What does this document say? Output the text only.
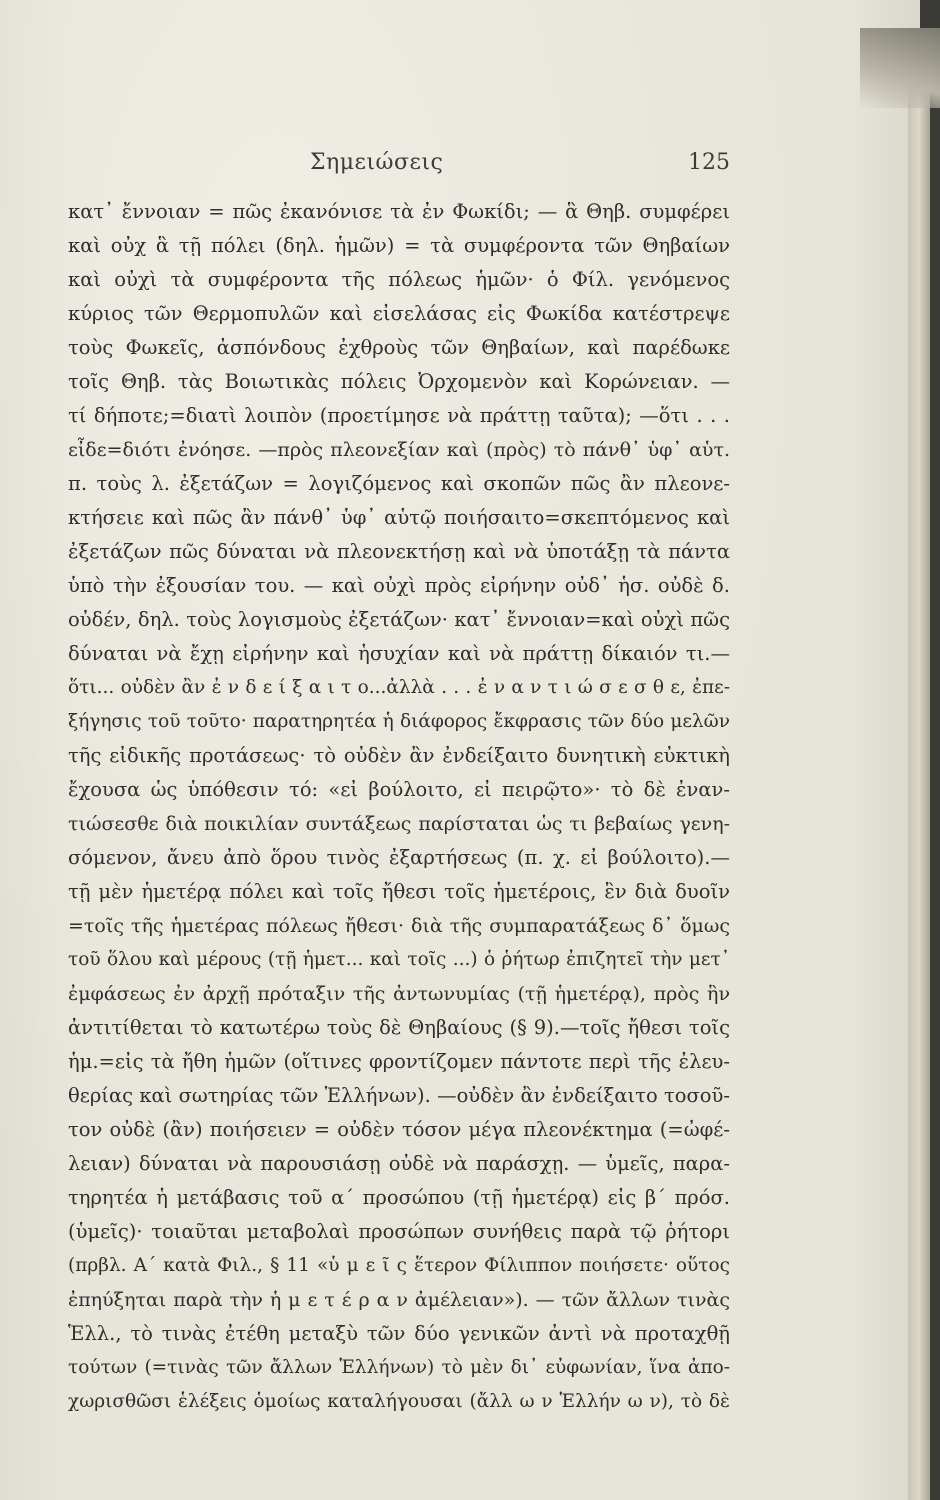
Σημειώσεις	125
κατ᾿ ἔννοιαν = πῶς ἐκανόνισε τὰ ἐν Φωκίδι; — ἃ Θηβ. συμφέρει
καὶ οὐχ ἃ τῇ πόλει (δηλ. ἡμῶν) = τὰ συμφέροντα τῶν Θηβαίων
καὶ οὐχὶ τὰ συμφέροντα τῆς πόλεως ἡμῶν· ὁ Φίλ. γενόμενος
κύριος τῶν Θερμοπυλῶν καὶ εἰσελάσας εἰς Φωκίδα κατέστρεψε
τοὺς Φωκεῖς, ἀσπόνδους ἐχθροὺς τῶν Θηβαίων, καὶ παρέδωκε
τοῖς Θηβ. τὰς Βοιωτικὰς πόλεις Ὀρχομενὸν καὶ Κορώνειαν. —
τί δήποτε;=διατὶ λοιπὸν (προετίμησε νὰ πράττῃ ταῦτα); —ὅτι . . .
εἶδε=διότι ἐνόησε. —πρὸς πλεονεξίαν καὶ (πρὸς) τὸ πάνθ᾿ ὑφ᾿ αὑτ.
π. τοὺς λ. ἐξετάζων = λογιζόμενος καὶ σκοπῶν πῶς ἂν πλεονε-
κτήσειε καὶ πῶς ἂν πάνθ᾿ ὑφ᾿ αὑτῷ ποιήσαιτο=σκεπτόμενος καὶ
ἐξετάζων πῶς δύναται νὰ πλεονεκτήσῃ καὶ νὰ ὑποτάξῃ τὰ πάντα
ὑπὸ τὴν ἐξουσίαν του. — καὶ οὐχὶ πρὸς εἰρήνην οὐδ᾿ ἡσ. οὐδὲ δ.
οὐδέν, δηλ. τοὺς λογισμοὺς ἐξετάζων· κατ᾿ ἔννοιαν=καὶ οὐχὶ πῶς
δύναται νὰ ἔχῃ εἰρήνην καὶ ἡσυχίαν καὶ νὰ πράττῃ δίκαιόν τι.—
ὅτι... οὐδὲν ἂν ἐ ν δ ε ί ξ α ι τ ο...ἀλλὰ . . . ἐ ν α ν τ ι ώ σ ε σ θ ε, ἐπε-
ξήγησις τοῦ τοῦτο· παρατηρητέα ἡ διάφορος ἔκφρασις τῶν δύο μελῶν
τῆς εἰδικῆς προτάσεως· τὸ οὐδὲν ἂν ἐνδείξαιτο δυνητικὴ εὐκτικὴ
ἔχουσα ὡς ὑπόθεσιν τό: «εἰ βούλοιτο, εἰ πειρῷτο»· τὸ δὲ ἐναν-
τιώσεσθε διὰ ποικιλίαν συντάξεως παρίσταται ὡς τι βεβαίως γενη-
σόμενον, ἄνευ ἀπὸ ὅρου τινὸς ἐξαρτήσεως (π. χ. εἰ βούλοιτο).—
τῇ μὲν ἡμετέρᾳ πόλει καὶ τοῖς ἤθεσι τοῖς ἡμετέροις, ἓν διὰ δυοῖν
=τοῖς τῆς ἡμετέρας πόλεως ἤθεσι· διὰ τῆς συμπαρατάξεως δ᾿ ὅμως
τοῦ ὅλου καὶ μέρους (τῇ ἡμετ... καὶ τοῖς ...) ὁ ῥήτωρ ἐπιζητεῖ τὴν μετ᾿
ἐμφάσεως ἐν ἀρχῇ πρόταξιν τῆς ἀντωνυμίας (τῇ ἡμετέρᾳ), πρὸς ἣν
ἀντιτίθεται τὸ κατωτέρω τοὺς δὲ Θηβαίους (§ 9).—τοῖς ἤθεσι τοῖς
ἡμ.=εἰς τὰ ἤθη ἡμῶν (οἵτινες φροντίζομεν πάντοτε περὶ τῆς ἐλευ-
θερίας καὶ σωτηρίας τῶν Ἑλλήνων). —οὐδὲν ἂν ἐνδείξαιτο τοσοῦ-
τον οὐδὲ (ἂν) ποιήσειεν = οὐδὲν τόσον μέγα πλεονέκτημα (=ὠφέ-
λειαν) δύναται νὰ παρουσιάσῃ οὐδὲ νὰ παράσχῃ. — ὑμεῖς, παρα-
τηρητέα ἡ μετάβασις τοῦ α´ προσώπου (τῇ ἡμετέρᾳ) εἰς β´ πρόσ.
(ὑμεῖς)· τοιαῦται μεταβολαὶ προσώπων συνήθεις παρὰ τῷ ῥήτορι
(πρβλ. Α´ κατὰ Φιλ., § 11 «ὑ μ ε ῖ ς ἕτερον Φίλιππον ποιήσετε· οὕτος
ἐπηύξηται παρὰ τὴν ἡ μ ε τ έ ρ α ν ἀμέλειαν»). — τῶν ἄλλων τινὰς
Ἑλλ., τὸ τινὰς ἐτέθη μεταξὺ τῶν δύο γενικῶν ἀντὶ νὰ προταχθῇ
τούτων (=τινὰς τῶν ἄλλων Ἑλλήνων) τὸ μὲν δι᾿ εὐφωνίαν, ἵνα ἀπο-
χωρισθῶσι ἑλέξεις ὁμοίως καταλήγουσαι (ἄλλ ω ν Ἑλλήν ω ν), τὸ δὲ
